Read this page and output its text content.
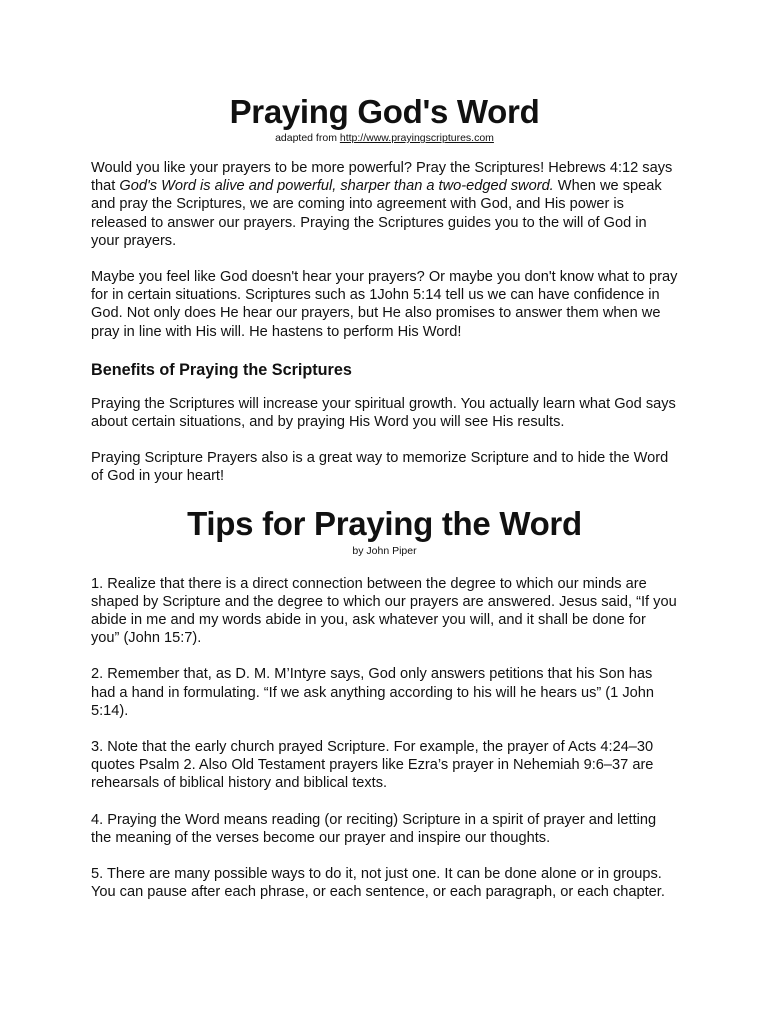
Praying God's Word
adapted from http://www.prayingscriptures.com

Would you like your prayers to be more powerful? Pray the Scriptures! Hebrews 4:12 says that God's Word is alive and powerful, sharper than a two-edged sword. When we speak and pray the Scriptures, we are coming into agreement with God, and His power is released to answer our prayers. Praying the Scriptures guides you to the will of God in your prayers.

Maybe you feel like God doesn't hear your prayers? Or maybe you don't know what to pray for in certain situations. Scriptures such as 1John 5:14 tell us we can have confidence in God. Not only does He hear our prayers, but He also promises to answer them when we pray in line with His will. He hastens to perform His Word!

Benefits of Praying the Scriptures

Praying the Scriptures will increase your spiritual growth. You actually learn what God says about certain situations, and by praying His Word you will see His results.

Praying Scripture Prayers also is a great way to memorize Scripture and to hide the Word of God in your heart!

Tips for Praying the Word
by John Piper

1. Realize that there is a direct connection between the degree to which our minds are shaped by Scripture and the degree to which our prayers are answered. Jesus said, “If you abide in me and my words abide in you, ask whatever you will, and it shall be done for you” (John 15:7).

2. Remember that, as D. M. M’Intyre says, God only answers petitions that his Son has had a hand in formulating. “If we ask anything according to his will he hears us” (1 John 5:14).

3. Note that the early church prayed Scripture. For example, the prayer of Acts 4:24–30 quotes Psalm 2. Also Old Testament prayers like Ezra’s prayer in Nehemiah 9:6–37 are rehearsals of biblical history and biblical texts.

4. Praying the Word means reading (or reciting) Scripture in a spirit of prayer and letting the meaning of the verses become our prayer and inspire our thoughts.

5. There are many possible ways to do it, not just one. It can be done alone or in groups. You can pause after each phrase, or each sentence, or each paragraph, or each chapter.
